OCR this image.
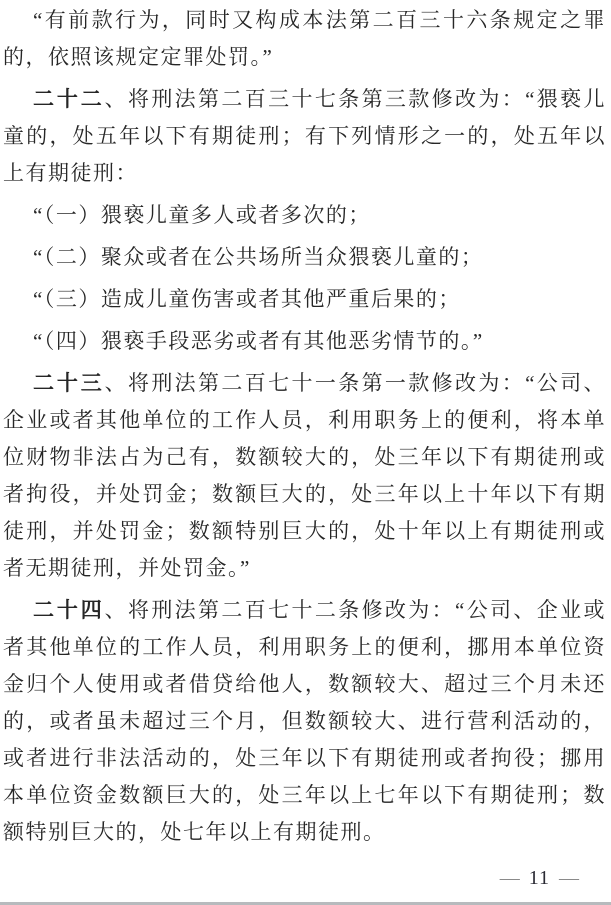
“有前款行为，同时又构成本法第二百三十六条规定之罪的，依照该规定定罪处罚。”

二十二、将刑法第二百三十七条第三款修改为：“猥亵儿童的，处五年以下有期徒刑；有下列情形之一的，处五年以上有期徒刑：

“（一）猥亵儿童多人或者多次的；

“（二）聚众或者在公共场所当众猥亵儿童的；

“（三）造成儿童伤害或者其他严重后果的；

“（四）猥亵手段恶劣或者有其他恶劣情节的。”

二十三、将刑法第二百七十一条第一款修改为：“公司、企业或者其他单位的工作人员，利用职务上的便利，将本单位财物非法占为己有，数额较大的，处三年以下有期徒刑或者拘役，并处罚金；数额巨大的，处三年以上十年以下有期徒刑，并处罚金；数额特别巨大的，处十年以上有期徒刑或者无期徒刑，并处罚金。”

二十四、将刑法第二百七十二条修改为：“公司、企业或者其他单位的工作人员，利用职务上的便利，挪用本单位资金归个人使用或者借贷给他人，数额较大、超过三个月未还的，或者虽未超过三个月，但数额较大、进行营利活动的，或者进行非法活动的，处三年以下有期徒刑或者拘役；挪用本单位资金数额巨大的，处三年以上七年以下有期徒刑；数额特别巨大的，处七年以上有期徒刑。

— 11 —
